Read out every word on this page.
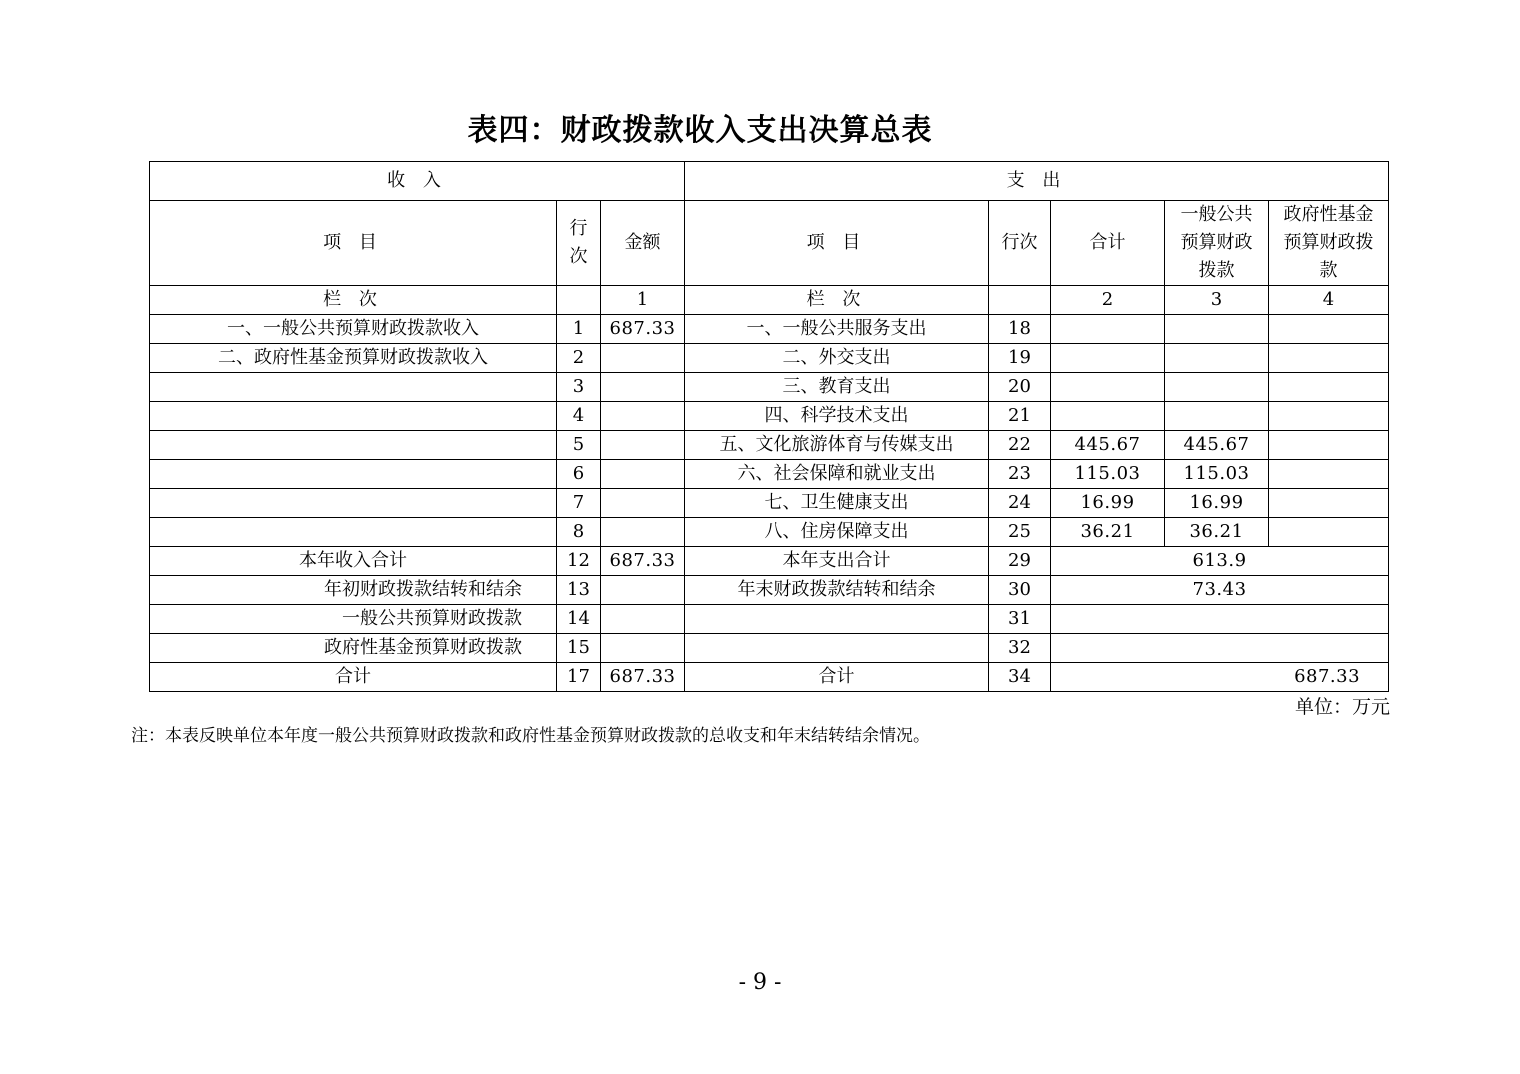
表四：财政拨款收入支出决算总表
收 入			支 出				
项 目	行次	金额	项 目	行次	合计	一般公共预算财政拨款	政府性基金预算财政拨款
栏 次		1	栏 次		2	3	4
一、一般公共预算财政拨款收入	1	687.33	一、一般公共服务支出	18			
二、政府性基金预算财政拨款收入	2		二、外交支出	19			
	3		三、教育支出	20			
	4		四、科学技术支出	21			
	5		五、文化旅游体育与传媒支出	22	445.67	445.67	
	6		六、社会保障和就业支出	23	115.03	115.03	
	7		七、卫生健康支出	24	16.99	16.99	
	8		八、住房保障支出	25	36.21	36.21	
本年收入合计	12	687.33	本年支出合计	29	613.9		
年初财政拨款结转和结余	13		年末财政拨款结转和结余	30	73.43		
一般公共预算财政拨款	14			31			
政府性基金预算财政拨款	15			32			
合计	17	687.33	合计	34	687.33		
单位：万元
注：本表反映单位本年度一般公共预算财政拨款和政府性基金预算财政拨款的总收支和年末结转结余情况。
- 9 -
